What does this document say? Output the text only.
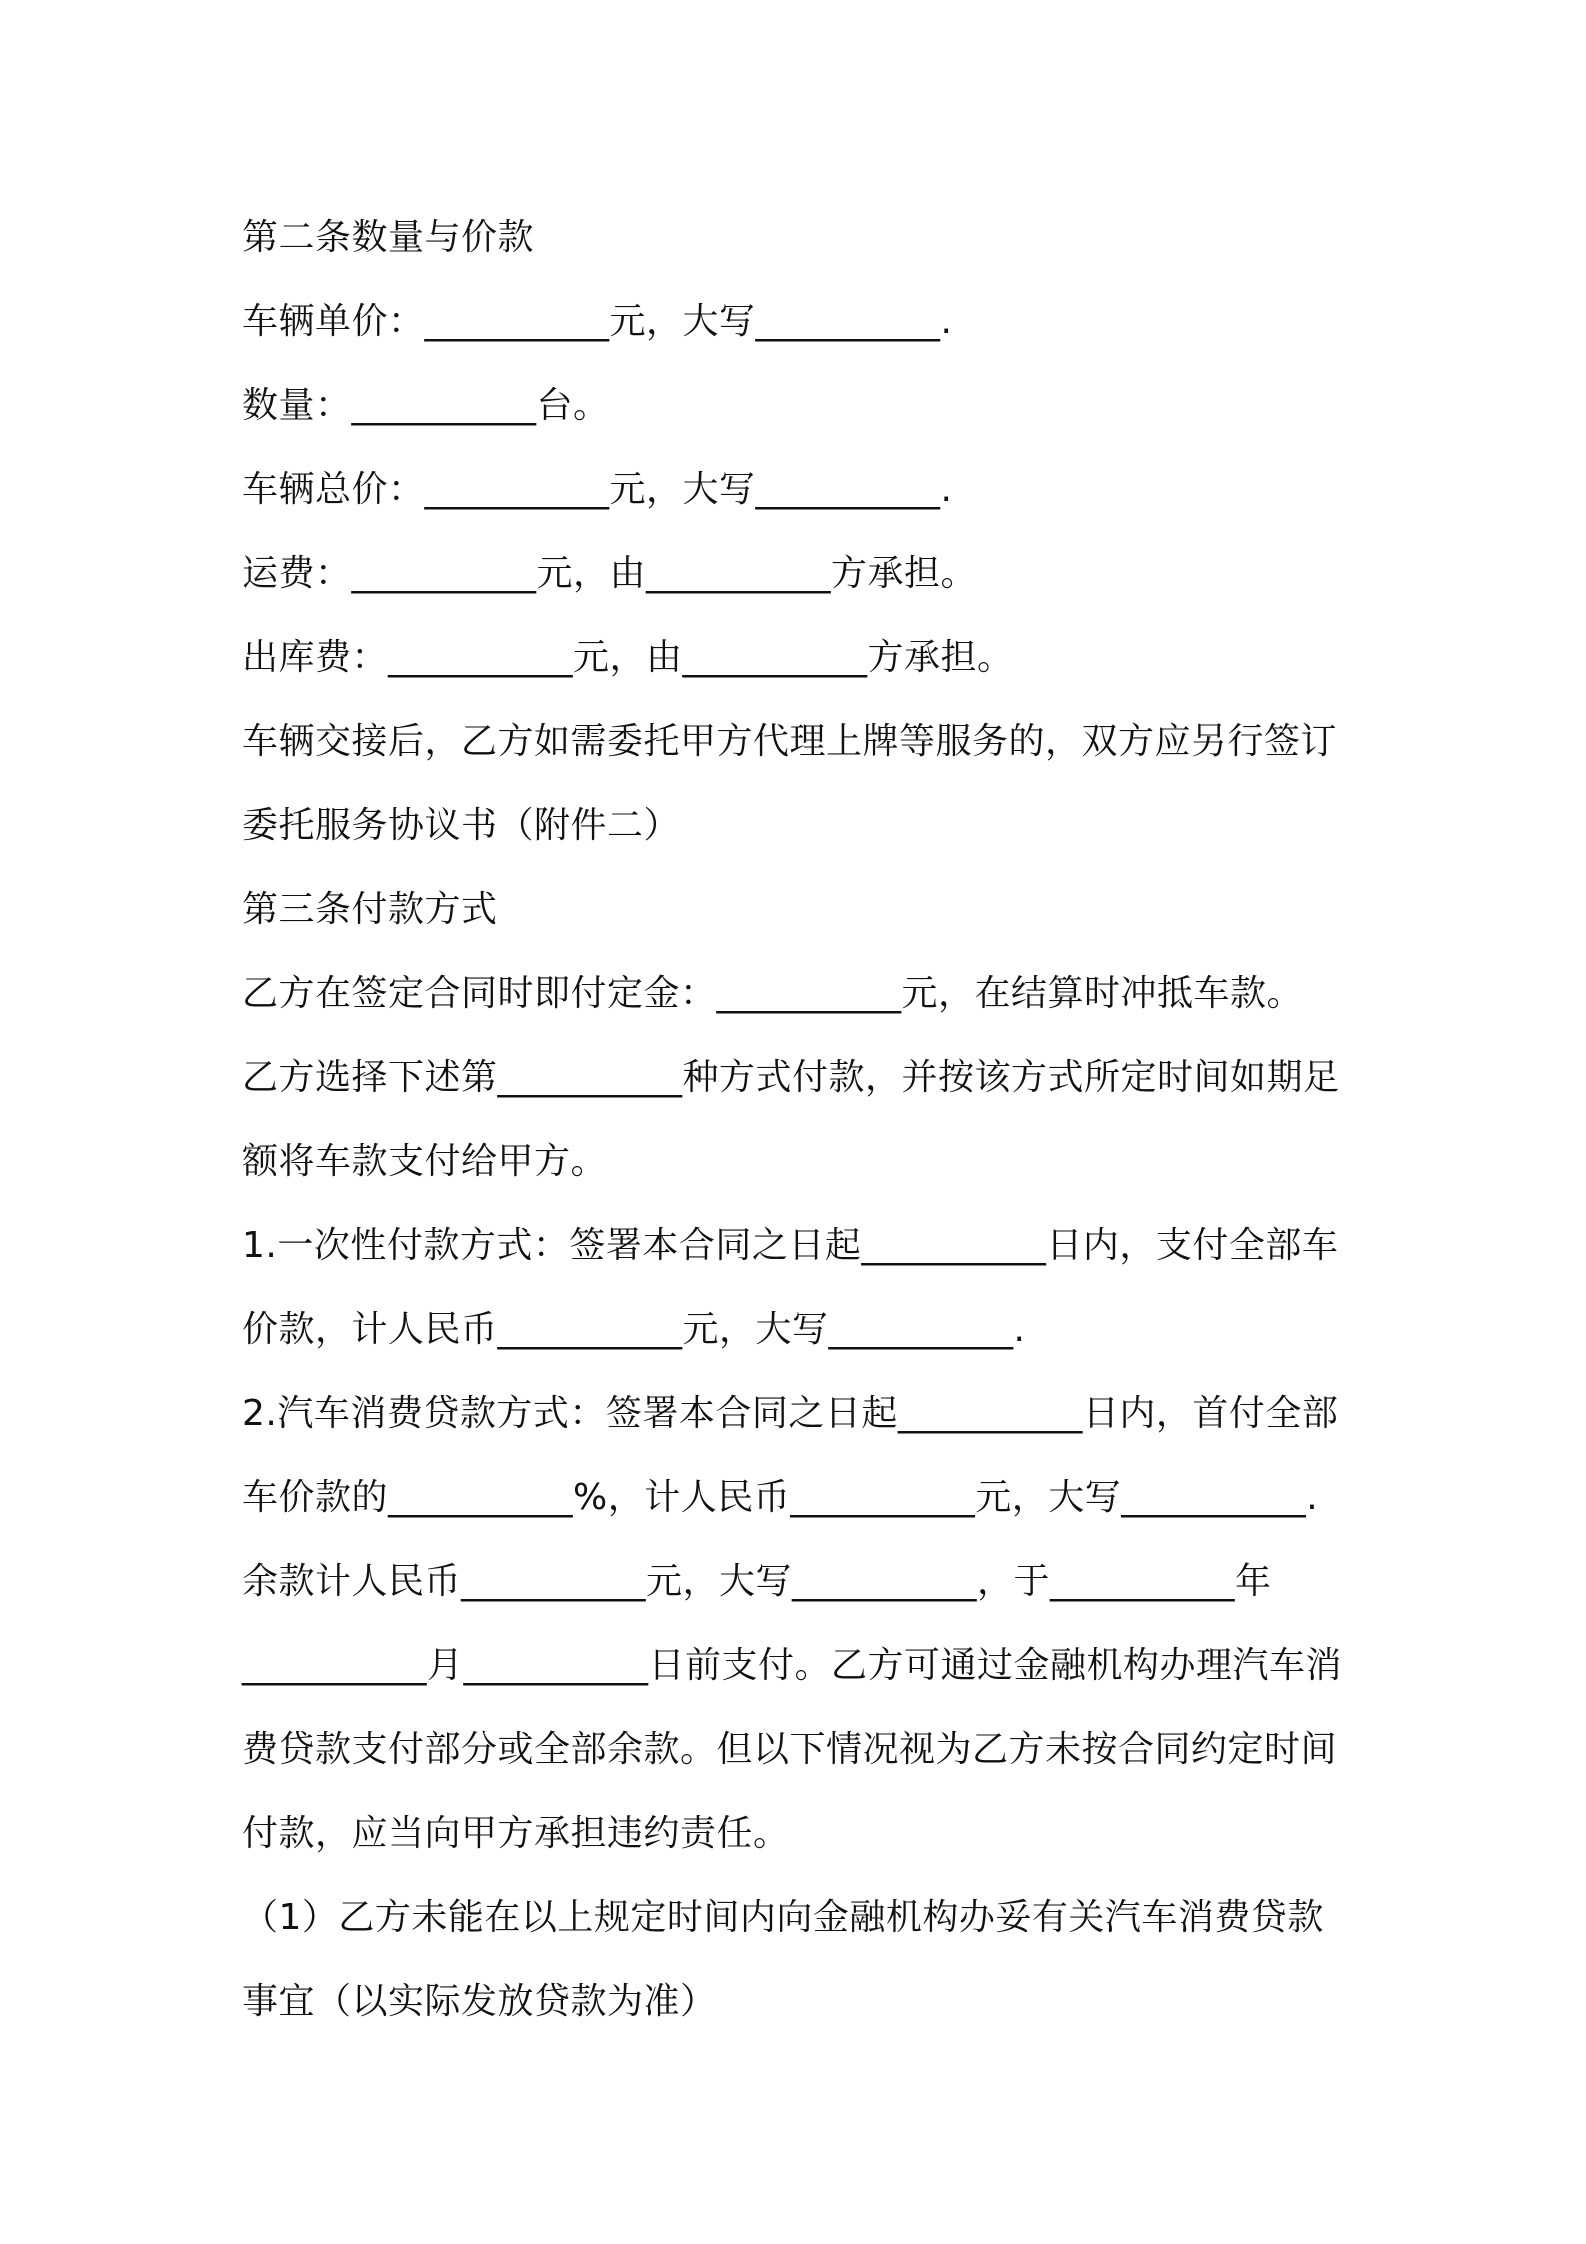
第二条数量与价款
车辆单价：__________元，大写__________.
数量：__________台。
车辆总价：__________元，大写__________.
运费：__________元，由__________方承担。
出库费：__________元，由__________方承担。
车辆交接后，乙方如需委托甲方代理上牌等服务的，双方应另行签订
委托服务协议书（附件二）
第三条付款方式
乙方在签定合同时即付定金：__________元，在结算时冲抵车款。
乙方选择下述第__________种方式付款，并按该方式所定时间如期足
额将车款支付给甲方。
1.一次性付款方式：签署本合同之日起__________日内，支付全部车
价款，计人民币__________元，大写__________.
2.汽车消费贷款方式：签署本合同之日起__________日内，首付全部
车价款的__________%，计人民币__________元，大写__________.
余款计人民币__________元，大写__________，于__________年
__________月__________日前支付。乙方可通过金融机构办理汽车消
费贷款支付部分或全部余款。但以下情况视为乙方未按合同约定时间
付款，应当向甲方承担违约责任。
（1）乙方未能在以上规定时间内向金融机构办妥有关汽车消费贷款
事宜（以实际发放贷款为准）
